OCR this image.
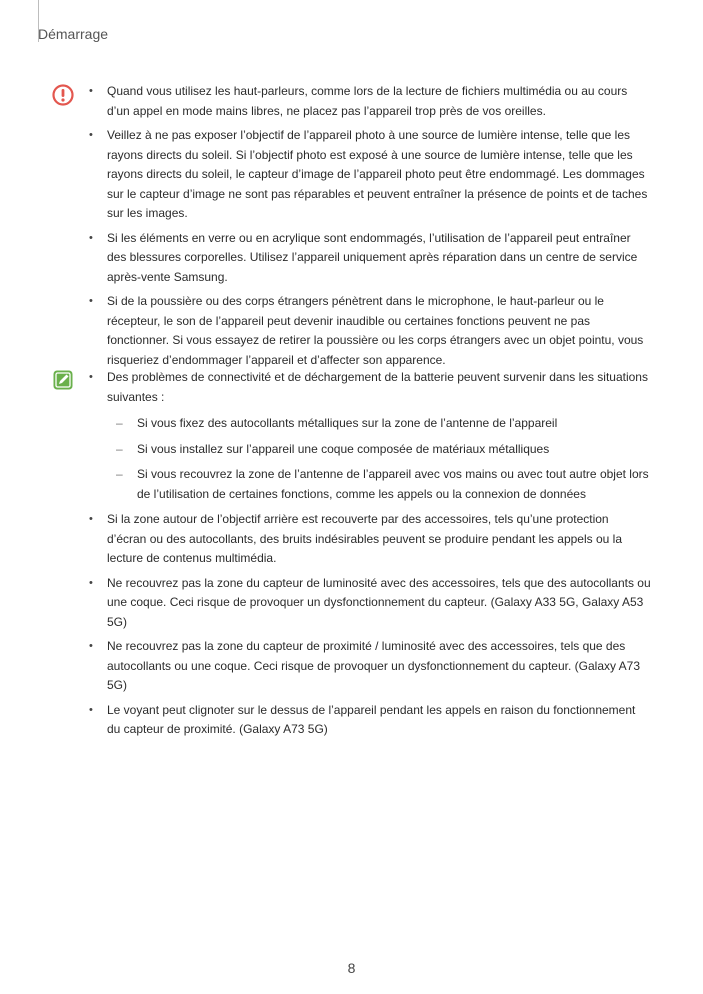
Démarrage
• Quand vous utilisez les haut-parleurs, comme lors de la lecture de fichiers multimédia ou au cours d’un appel en mode mains libres, ne placez pas l’appareil trop près de vos oreilles.
• Veillez à ne pas exposer l’objectif de l’appareil photo à une source de lumière intense, telle que les rayons directs du soleil. Si l’objectif photo est exposé à une source de lumière intense, telle que les rayons directs du soleil, le capteur d’image de l’appareil photo peut être endommagé. Les dommages sur le capteur d’image ne sont pas réparables et peuvent entraîner la présence de points et de taches sur les images.
• Si les éléments en verre ou en acrylique sont endommagés, l’utilisation de l’appareil peut entraîner des blessures corporelles. Utilisez l’appareil uniquement après réparation dans un centre de service après-vente Samsung.
• Si de la poussière ou des corps étrangers pénètrent dans le microphone, le haut-parleur ou le récepteur, le son de l’appareil peut devenir inaudible ou certaines fonctions peuvent ne pas fonctionner. Si vous essayez de retirer la poussière ou les corps étrangers avec un objet pointu, vous risqueriez d’endommager l’appareil et d’affecter son apparence.
• Des problèmes de connectivité et de déchargement de la batterie peuvent survenir dans les situations suivantes :
– Si vous fixez des autocollants métalliques sur la zone de l’antenne de l’appareil
– Si vous installez sur l’appareil une coque composée de matériaux métalliques
– Si vous recouvrez la zone de l’antenne de l’appareil avec vos mains ou avec tout autre objet lors de l’utilisation de certaines fonctions, comme les appels ou la connexion de données
• Si la zone autour de l’objectif arrière est recouverte par des accessoires, tels qu’une protection d’écran ou des autocollants, des bruits indésirables peuvent se produire pendant les appels ou la lecture de contenus multimédia.
• Ne recouvrez pas la zone du capteur de luminosité avec des accessoires, tels que des autocollants ou une coque. Ceci risque de provoquer un dysfonctionnement du capteur. (Galaxy A33 5G, Galaxy A53 5G)
• Ne recouvrez pas la zone du capteur de proximité / luminosité avec des accessoires, tels que des autocollants ou une coque. Ceci risque de provoquer un dysfonctionnement du capteur. (Galaxy A73 5G)
• Le voyant peut clignoter sur le dessus de l’appareil pendant les appels en raison du fonctionnement du capteur de proximité. (Galaxy A73 5G)
8
